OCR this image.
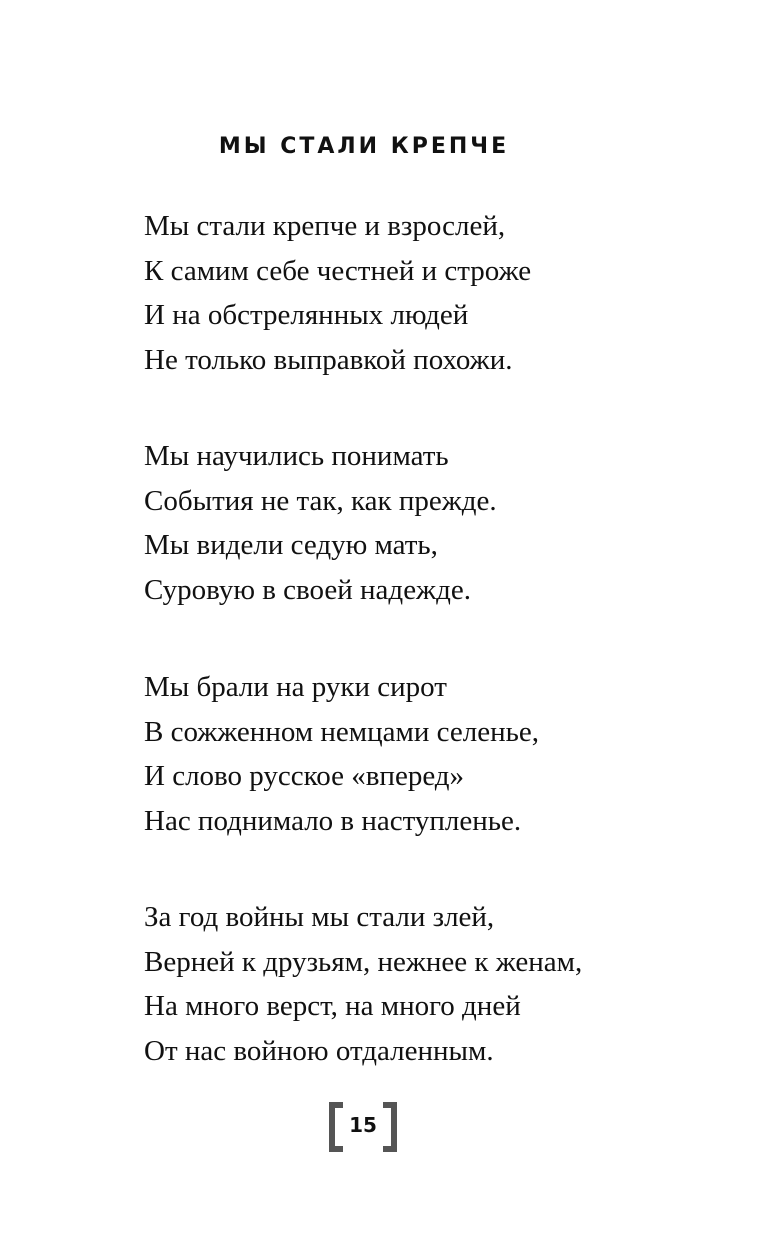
МЫ СТАЛИ КРЕПЧЕ
Мы стали крепче и взрослей,
К самим себе честней и строже
И на обстрелянных людей
Не только выправкой похожи.
Мы научились понимать
События не так, как прежде.
Мы видели седую мать,
Суровую в своей надежде.
Мы брали на руки сирот
В сожженном немцами селенье,
И слово русское «вперед»
Нас поднимало в наступленье.
За год войны мы стали злей,
Верней к друзьям, нежнее к женам,
На много верст, на много дней
От нас войною отдаленным.
15
